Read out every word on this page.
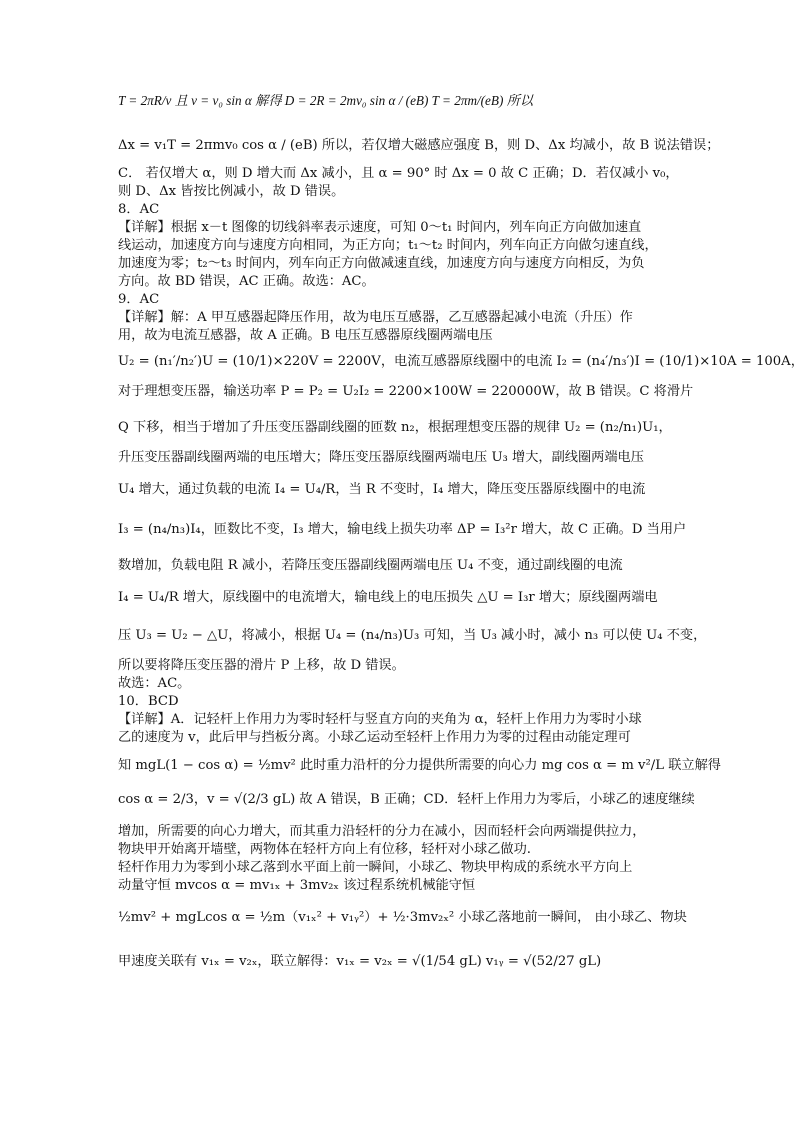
T = 2πR/v 且 v = v₀ sin α 解得 D = 2R = 2mv₀ sin α / (eB) T = 2πm/(eB) 所以
Δx = v₁T = 2πmv₀ cos α / (eB) 所以，若仅增大磁感应强度 B，则 D、Δx 均减小，故 B 说法错误；
C． 若仅增大 α，则 D 增大而 Δx 减小，且 α = 90° 时 Δx = 0 故 C 正确；D．若仅减小 v₀，
则 D、Δx 皆按比例减小，故 D 错误。
8．AC
【详解】根据 x－t 图像的切线斜率表示速度，可知 0～t₁ 时间内，列车向正方向做加速直
线运动，加速度方向与速度方向相同，为正方向；t₁～t₂ 时间内，列车向正方向做匀速直线，
加速度为零；t₂～t₃ 时间内，列车向正方向做减速直线，加速度方向与速度方向相反，为负
方向。故 BD 错误，AC 正确。故选：AC。
9．AC
【详解】解：A 甲互感器起降压作用，故为电压互感器，乙互感器起减小电流（升压）作
用，故为电流互感器，故 A 正确。B 电压互感器原线圈两端电压
U₂ = (n₁′/n₂′)U = (10/1)×220V = 2200V，电流互感器原线圈中的电流 I₂ = (n₄′/n₃′)I = (10/1)×10A = 100A，
对于理想变压器，输送功率 P = P₂ = U₂I₂ = 2200×100W = 220000W，故 B 错误。C 将滑片
Q 下移，相当于增加了升压变压器副线圈的匝数 n₂，根据理想变压器的规律 U₂ = (n₂/n₁)U₁，
升压变压器副线圈两端的电压增大；降压变压器原线圈两端电压 U₃ 增大，副线圈两端电压
U₄ 增大，通过负载的电流 I₄ = U₄/R，当 R 不变时，I₄ 增大，降压变压器原线圈中的电流
I₃ = (n₄/n₃)I₄，匝数比不变，I₃ 增大，输电线上损失功率 ΔP = I₃²r 增大，故 C 正确。D 当用户
数增加，负载电阻 R 减小，若降压变压器副线圈两端电压 U₄ 不变，通过副线圈的电流
I₄ = U₄/R 增大，原线圈中的电流增大，输电线上的电压损失 △U = I₃r 增大；原线圈两端电
压 U₃ = U₂ − △U，将减小，根据 U₄ = (n₄/n₃)U₃ 可知，当 U₃ 减小时，减小 n₃ 可以使 U₄ 不变，
所以要将降压变压器的滑片 P 上移，故 D 错误。
故选：AC。
10．BCD
【详解】A．记轻杆上作用力为零时轻杆与竖直方向的夹角为 α，轻杆上作用力为零时小球
乙的速度为 v，此后甲与挡板分离。小球乙运动至轻杆上作用力为零的过程由动能定理可
知 mgL(1 − cos α) = ½mv² 此时重力沿杆的分力提供所需要的向心力 mg cos α = m v²/L 联立解得
cos α = 2/3，v = √(2/3 gL) 故 A 错误，B 正确；CD．轻杆上作用力为零后，小球乙的速度继续
增加，所需要的向心力增大，而其重力沿轻杆的分力在减小，因而轻杆会向两端提供拉力，
物块甲开始离开墙壁，两物体在轻杆方向上有位移，轻杆对小球乙做功.
轻杆作用力为零到小球乙落到水平面上前一瞬间，小球乙、物块甲构成的系统水平方向上
动量守恒 mvcos α = mv₁ₓ + 3mv₂ₓ 该过程系统机械能守恒
½mv² + mgLcos α = ½m（v₁ₓ² + v₁ᵧ²）+ ½·3mv₂ₓ² 小球乙落地前一瞬间， 由小球乙、物块
甲速度关联有 v₁ₓ = v₂ₓ，联立解得：v₁ₓ = v₂ₓ = √(1/54 gL) v₁ᵧ = √(52/27 gL)
